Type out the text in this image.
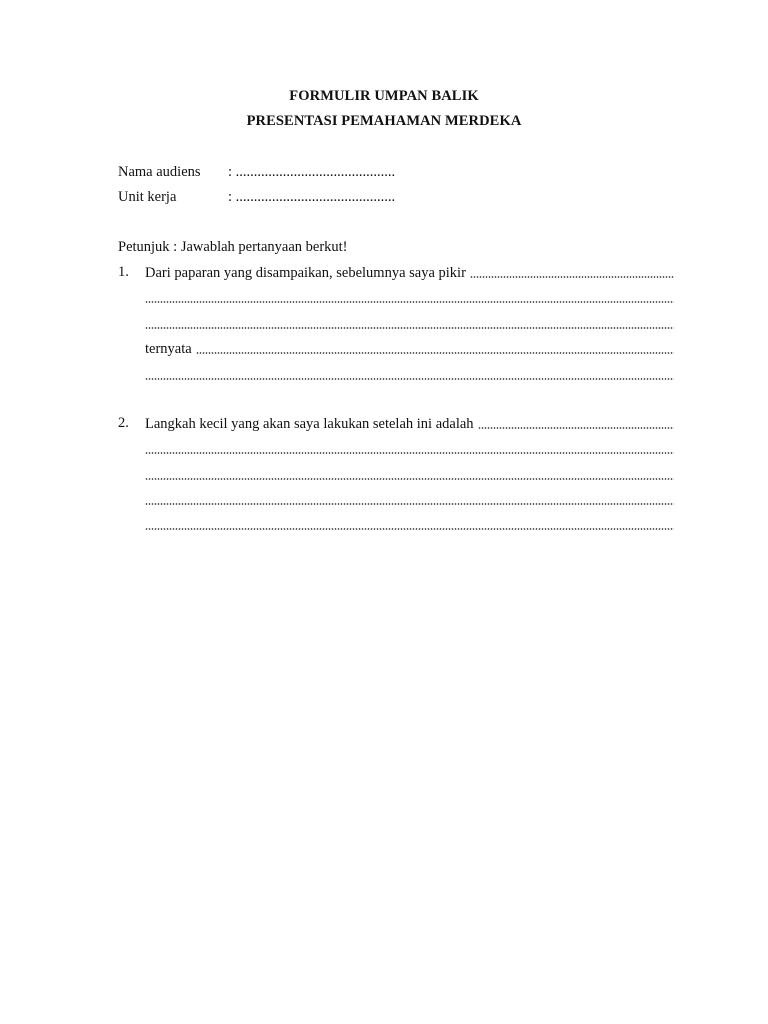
FORMULIR UMPAN BALIK
PRESENTASI PEMAHAMAN MERDEKA
Nama audiens : ............................................
Unit kerja	: ............................................
Petunjuk : Jawablah pertanyaan berkut!
1. Dari paparan yang disampaikan, sebelumnya saya pikir
ternyata
2. Langkah kecil yang akan saya lakukan setelah ini adalah
